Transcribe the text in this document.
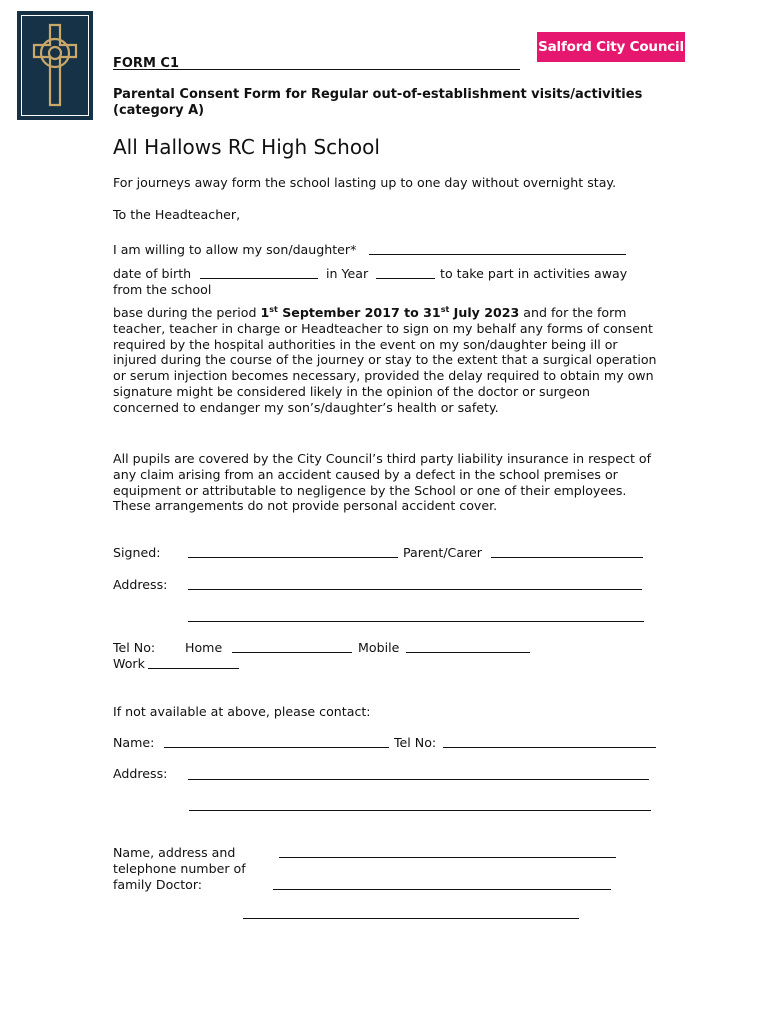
Salford City Council
FORM C1
Parental Consent Form for Regular out-of-establishment visits/activities (category A)
All Hallows RC High School
For journeys away form the school lasting up to one day without overnight stay.
To the Headteacher,
I am willing to allow my son/daughter*
date of birth	in Year	to take part in activities away
from the school
base during the period 1st September 2017 to 31st July 2023 and for the form teacher, teacher in charge or Headteacher to sign on my behalf any forms of consent required by the hospital authorities in the event on my son/daughter being ill or injured during the course of the journey or stay to the extent that a surgical operation or serum injection becomes necessary, provided the delay required to obtain my own signature might be considered likely in the opinion of the doctor or surgeon concerned to endanger my son’s/daughter’s health or safety.
All pupils are covered by the City Council’s third party liability insurance in respect of any claim arising from an accident caused by a defect in the school premises or equipment or attributable to negligence by the School or one of their employees. These arrangements do not provide personal accident cover.
Signed:	Parent/Carer
Address:
Tel No: Home	Mobile
Work
If not available at above, please contact:
Name:	Tel No:
Address:
Name, address and
telephone number of
family Doctor:
